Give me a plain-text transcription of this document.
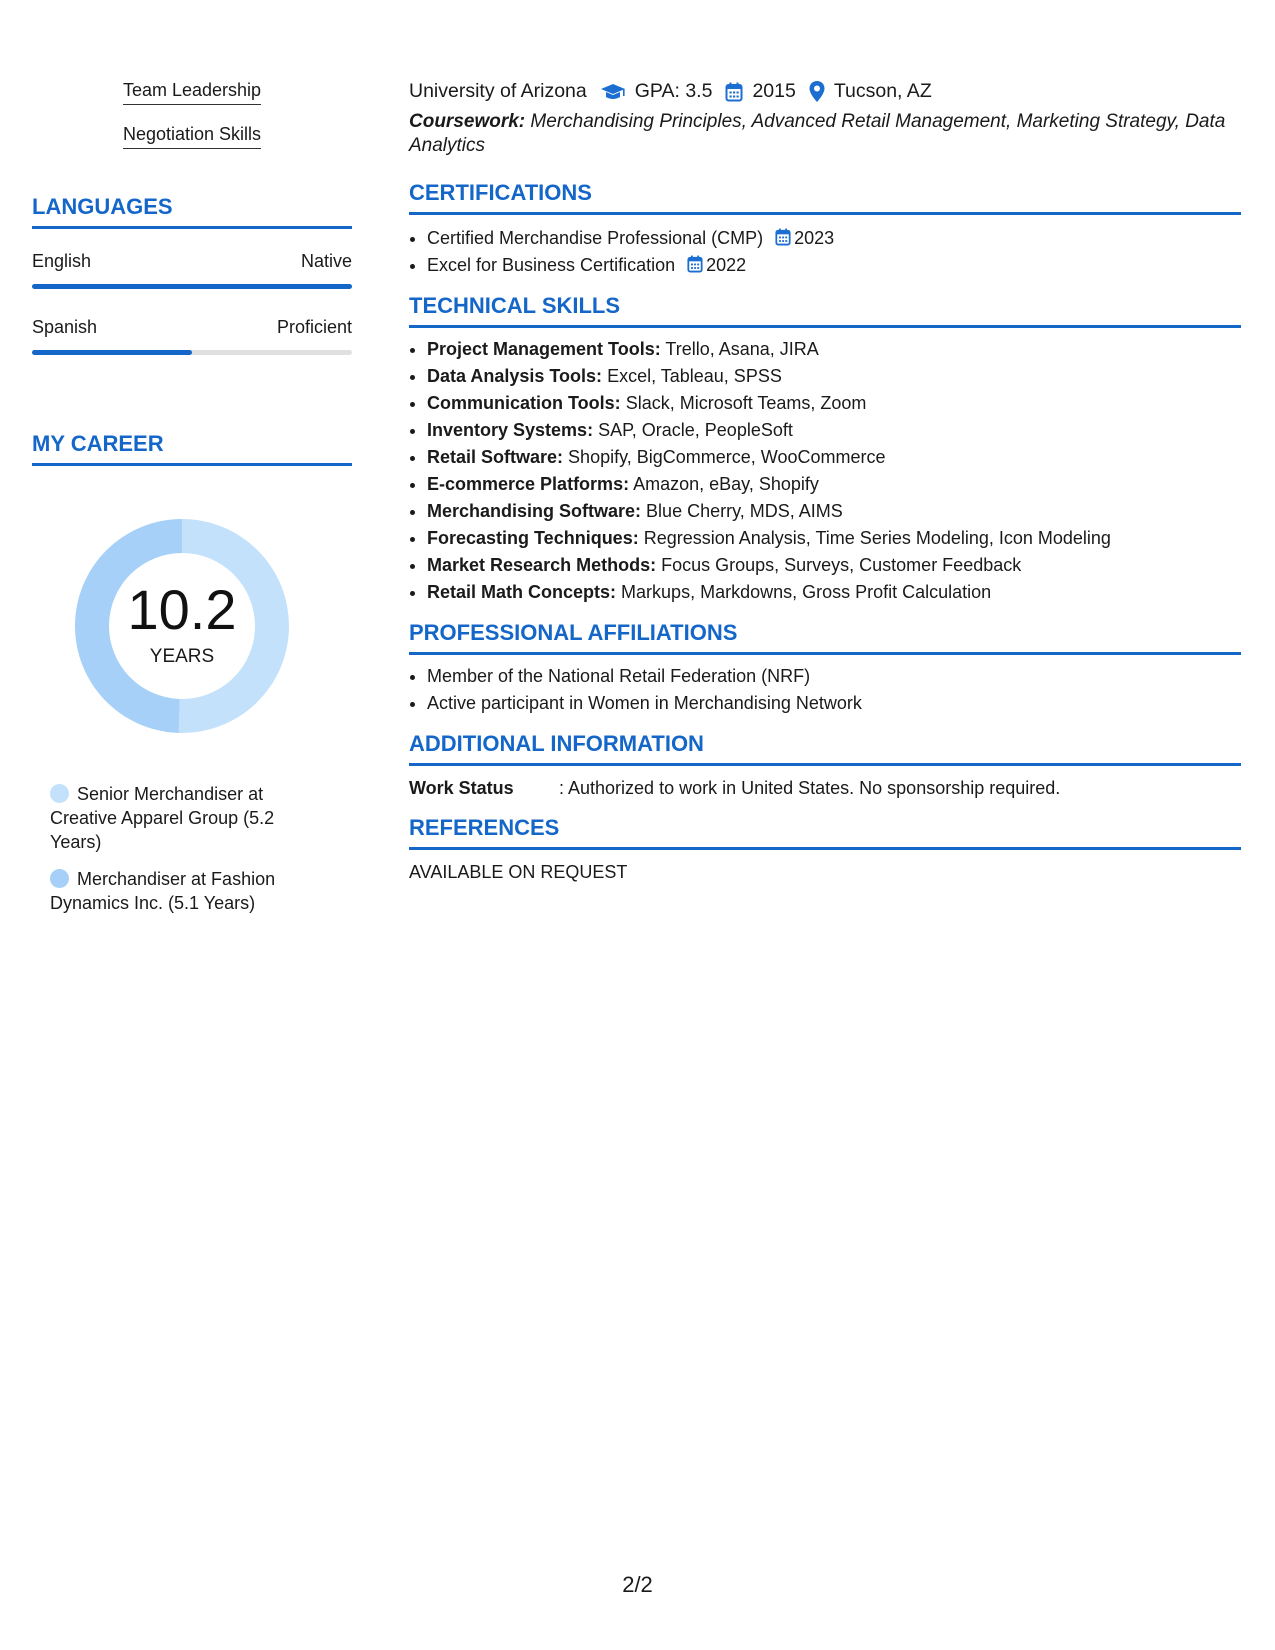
Team Leadership
Negotiation Skills
LANGUAGES
English	Native
Spanish	Proficient
MY CAREER
10.2
YEARS
Senior Merchandiser at Creative Apparel Group (5.2 Years)
Merchandiser at Fashion Dynamics Inc. (5.1 Years)
University of Arizona GPA: 3.5 2015 Tucson, AZ
Coursework: Merchandising Principles, Advanced Retail Management, Marketing Strategy, Data Analytics
CERTIFICATIONS
• Certified Merchandise Professional (CMP) 2023
• Excel for Business Certification 2022
TECHNICAL SKILLS
• Project Management Tools: Trello, Asana, JIRA
• Data Analysis Tools: Excel, Tableau, SPSS
• Communication Tools: Slack, Microsoft Teams, Zoom
• Inventory Systems: SAP, Oracle, PeopleSoft
• Retail Software: Shopify, BigCommerce, WooCommerce
• E-commerce Platforms: Amazon, eBay, Shopify
• Merchandising Software: Blue Cherry, MDS, AIMS
• Forecasting Techniques: Regression Analysis, Time Series Modeling, Icon Modeling
• Market Research Methods: Focus Groups, Surveys, Customer Feedback
• Retail Math Concepts: Markups, Markdowns, Gross Profit Calculation
PROFESSIONAL AFFILIATIONS
• Member of the National Retail Federation (NRF)
• Active participant in Women in Merchandising Network
ADDITIONAL INFORMATION
Work Status	: Authorized to work in United States. No sponsorship required.
REFERENCES
AVAILABLE ON REQUEST
2/2
